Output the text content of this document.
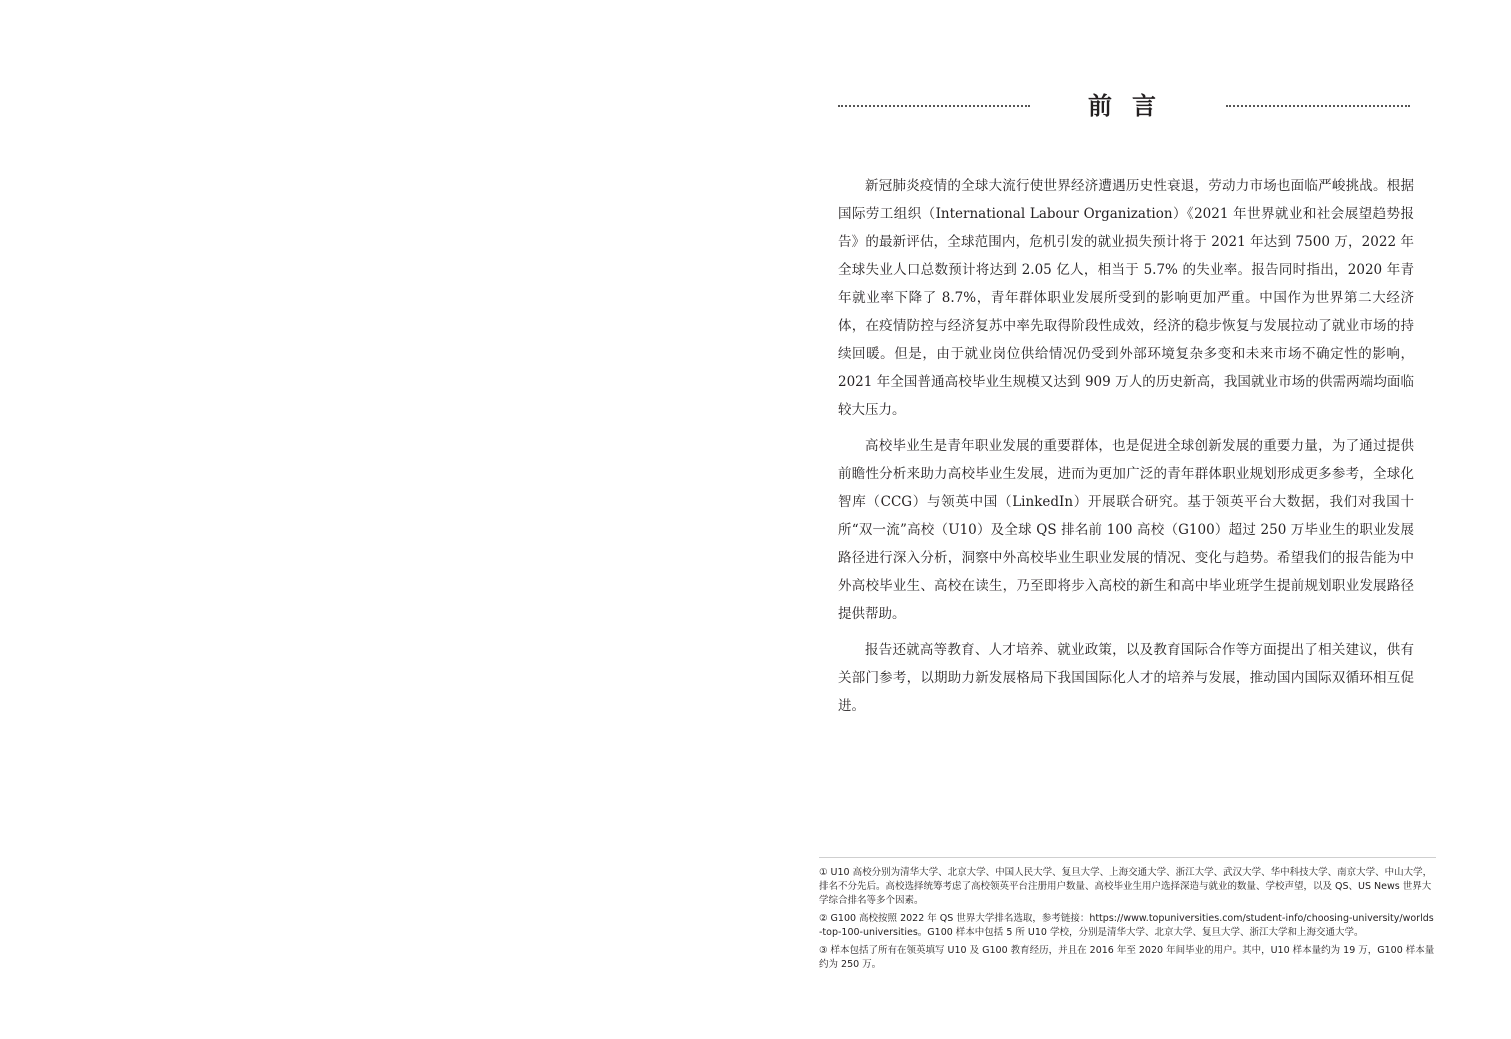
前言

新冠肺炎疫情的全球大流行使世界经济遭遇历史性衰退，劳动力市场也面临严峻挑战。根据国际劳工组织（International Labour Organization）《2021 年世界就业和社会展望趋势报告》的最新评估，全球范围内，危机引发的就业损失预计将于 2021 年达到 7500 万，2022 年全球失业人口总数预计将达到 2.05 亿人，相当于 5.7% 的失业率。报告同时指出，2020 年青年就业率下降了 8.7%，青年群体职业发展所受到的影响更加严重。中国作为世界第二大经济体，在疫情防控与经济复苏中率先取得阶段性成效，经济的稳步恢复与发展拉动了就业市场的持续回暖。但是，由于就业岗位供给情况仍受到外部环境复杂多变和未来市场不确定性的影响，2021 年全国普通高校毕业生规模又达到 909 万人的历史新高，我国就业市场的供需两端均面临较大压力。

高校毕业生是青年职业发展的重要群体，也是促进全球创新发展的重要力量，为了通过提供前瞻性分析来助力高校毕业生发展，进而为更加广泛的青年群体职业规划形成更多参考，全球化智库（CCG）与领英中国（LinkedIn）开展联合研究。基于领英平台大数据，我们对我国十所“双一流”高校（U10）及全球 QS 排名前 100 高校（G100）超过 250 万毕业生的职业发展路径进行深入分析，洞察中外高校毕业生职业发展的情况、变化与趋势。希望我们的报告能为中外高校毕业生、高校在读生，乃至即将步入高校的新生和高中毕业班学生提前规划职业发展路径提供帮助。

报告还就高等教育、人才培养、就业政策，以及教育国际合作等方面提出了相关建议，供有关部门参考，以期助力新发展格局下我国国际化人才的培养与发展，推动国内国际双循环相互促进。

① U10 高校分别为清华大学、北京大学、中国人民大学、复旦大学、上海交通大学、浙江大学、武汉大学、华中科技大学、南京大学、中山大学，排名不分先后。高校选择统筹考虑了高校领英平台注册用户数量、高校毕业生用户选择深造与就业的数量、学校声望，以及 QS、US News 世界大学综合排名等多个因素。

② G100 高校按照 2022 年 QS 世界大学排名选取，参考链接：https://www.topuniversities.com/student-info/choosing-university/worlds-top-100-universities。G100 样本中包括 5 所 U10 学校，分别是清华大学、北京大学、复旦大学、浙江大学和上海交通大学。

③ 样本包括了所有在领英填写 U10 及 G100 教育经历，并且在 2016 年至 2020 年间毕业的用户。其中，U10 样本量约为 19 万，G100 样本量约为 250 万。
